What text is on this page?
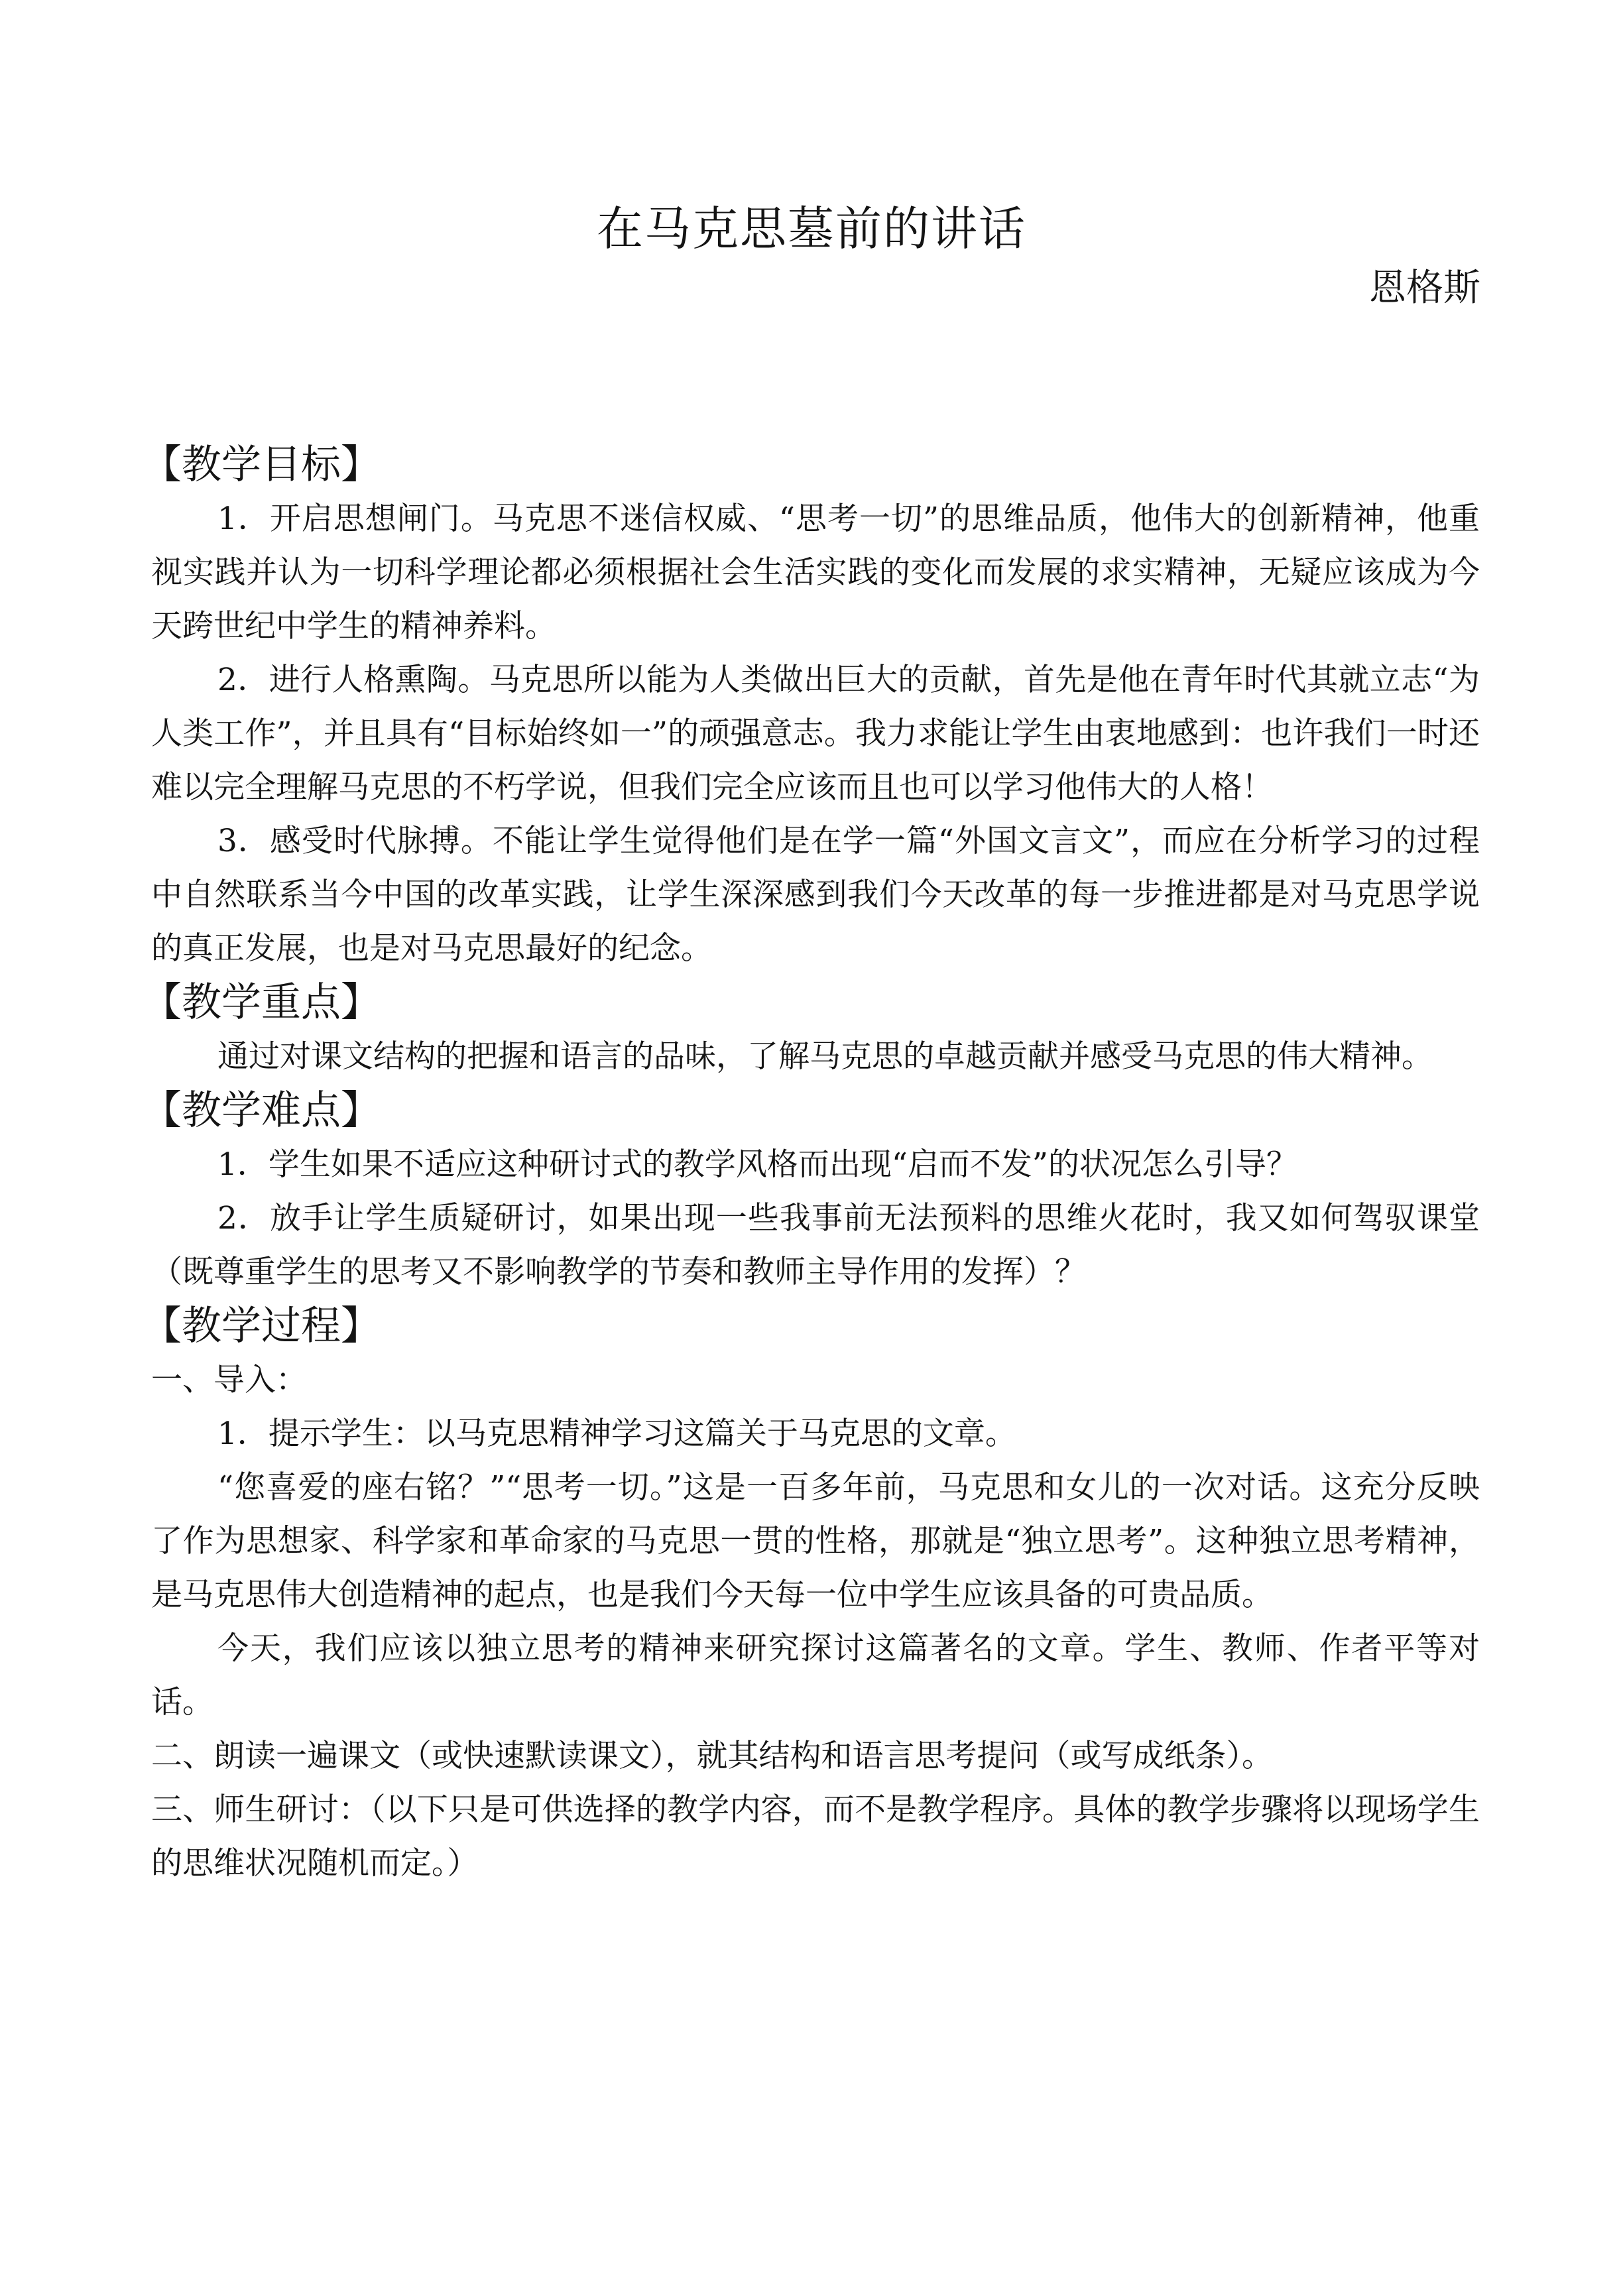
在马克思墓前的讲话
恩格斯
【教学目标】

1．开启思想闸门。马克思不迷信权威、“思考一切”的思维品质，他伟大的创新精神，他重视实践并认为一切科学理论都必须根据社会生活实践的变化而发展的求实精神，无疑应该成为今天跨世纪中学生的精神养料。

2．进行人格熏陶。马克思所以能为人类做出巨大的贡献，首先是他在青年时代其就立志“为人类工作”，并且具有“目标始终如一”的顽强意志。我力求能让学生由衷地感到：也许我们一时还难以完全理解马克思的不朽学说，但我们完全应该而且也可以学习他伟大的人格！

3．感受时代脉搏。不能让学生觉得他们是在学一篇“外国文言文”，而应在分析学习的过程中自然联系当今中国的改革实践，让学生深深感到我们今天改革的每一步推进都是对马克思学说的真正发展，也是对马克思最好的纪念。

【教学重点】

通过对课文结构的把握和语言的品味，了解马克思的卓越贡献并感受马克思的伟大精神。

【教学难点】

1．学生如果不适应这种研讨式的教学风格而出现“启而不发”的状况怎么引导？

2．放手让学生质疑研讨，如果出现一些我事前无法预料的思维火花时，我又如何驾驭课堂（既尊重学生的思考又不影响教学的节奏和教师主导作用的发挥）？

【教学过程】

一、导入：

1．提示学生：以马克思精神学习这篇关于马克思的文章。

“您喜爱的座右铭？”“思考一切。”这是一百多年前，马克思和女儿的一次对话。这充分反映了作为思想家、科学家和革命家的马克思一贯的性格，那就是“独立思考”。这种独立思考精神，是马克思伟大创造精神的起点，也是我们今天每一位中学生应该具备的可贵品质。

今天，我们应该以独立思考的精神来研究探讨这篇著名的文章。学生、教师、作者平等对话。

二、朗读一遍课文（或快速默读课文），就其结构和语言思考提问（或写成纸条）。

三、师生研讨：（以下只是可供选择的教学内容，而不是教学程序。具体的教学步骤将以现场学生的思维状况随机而定。）
